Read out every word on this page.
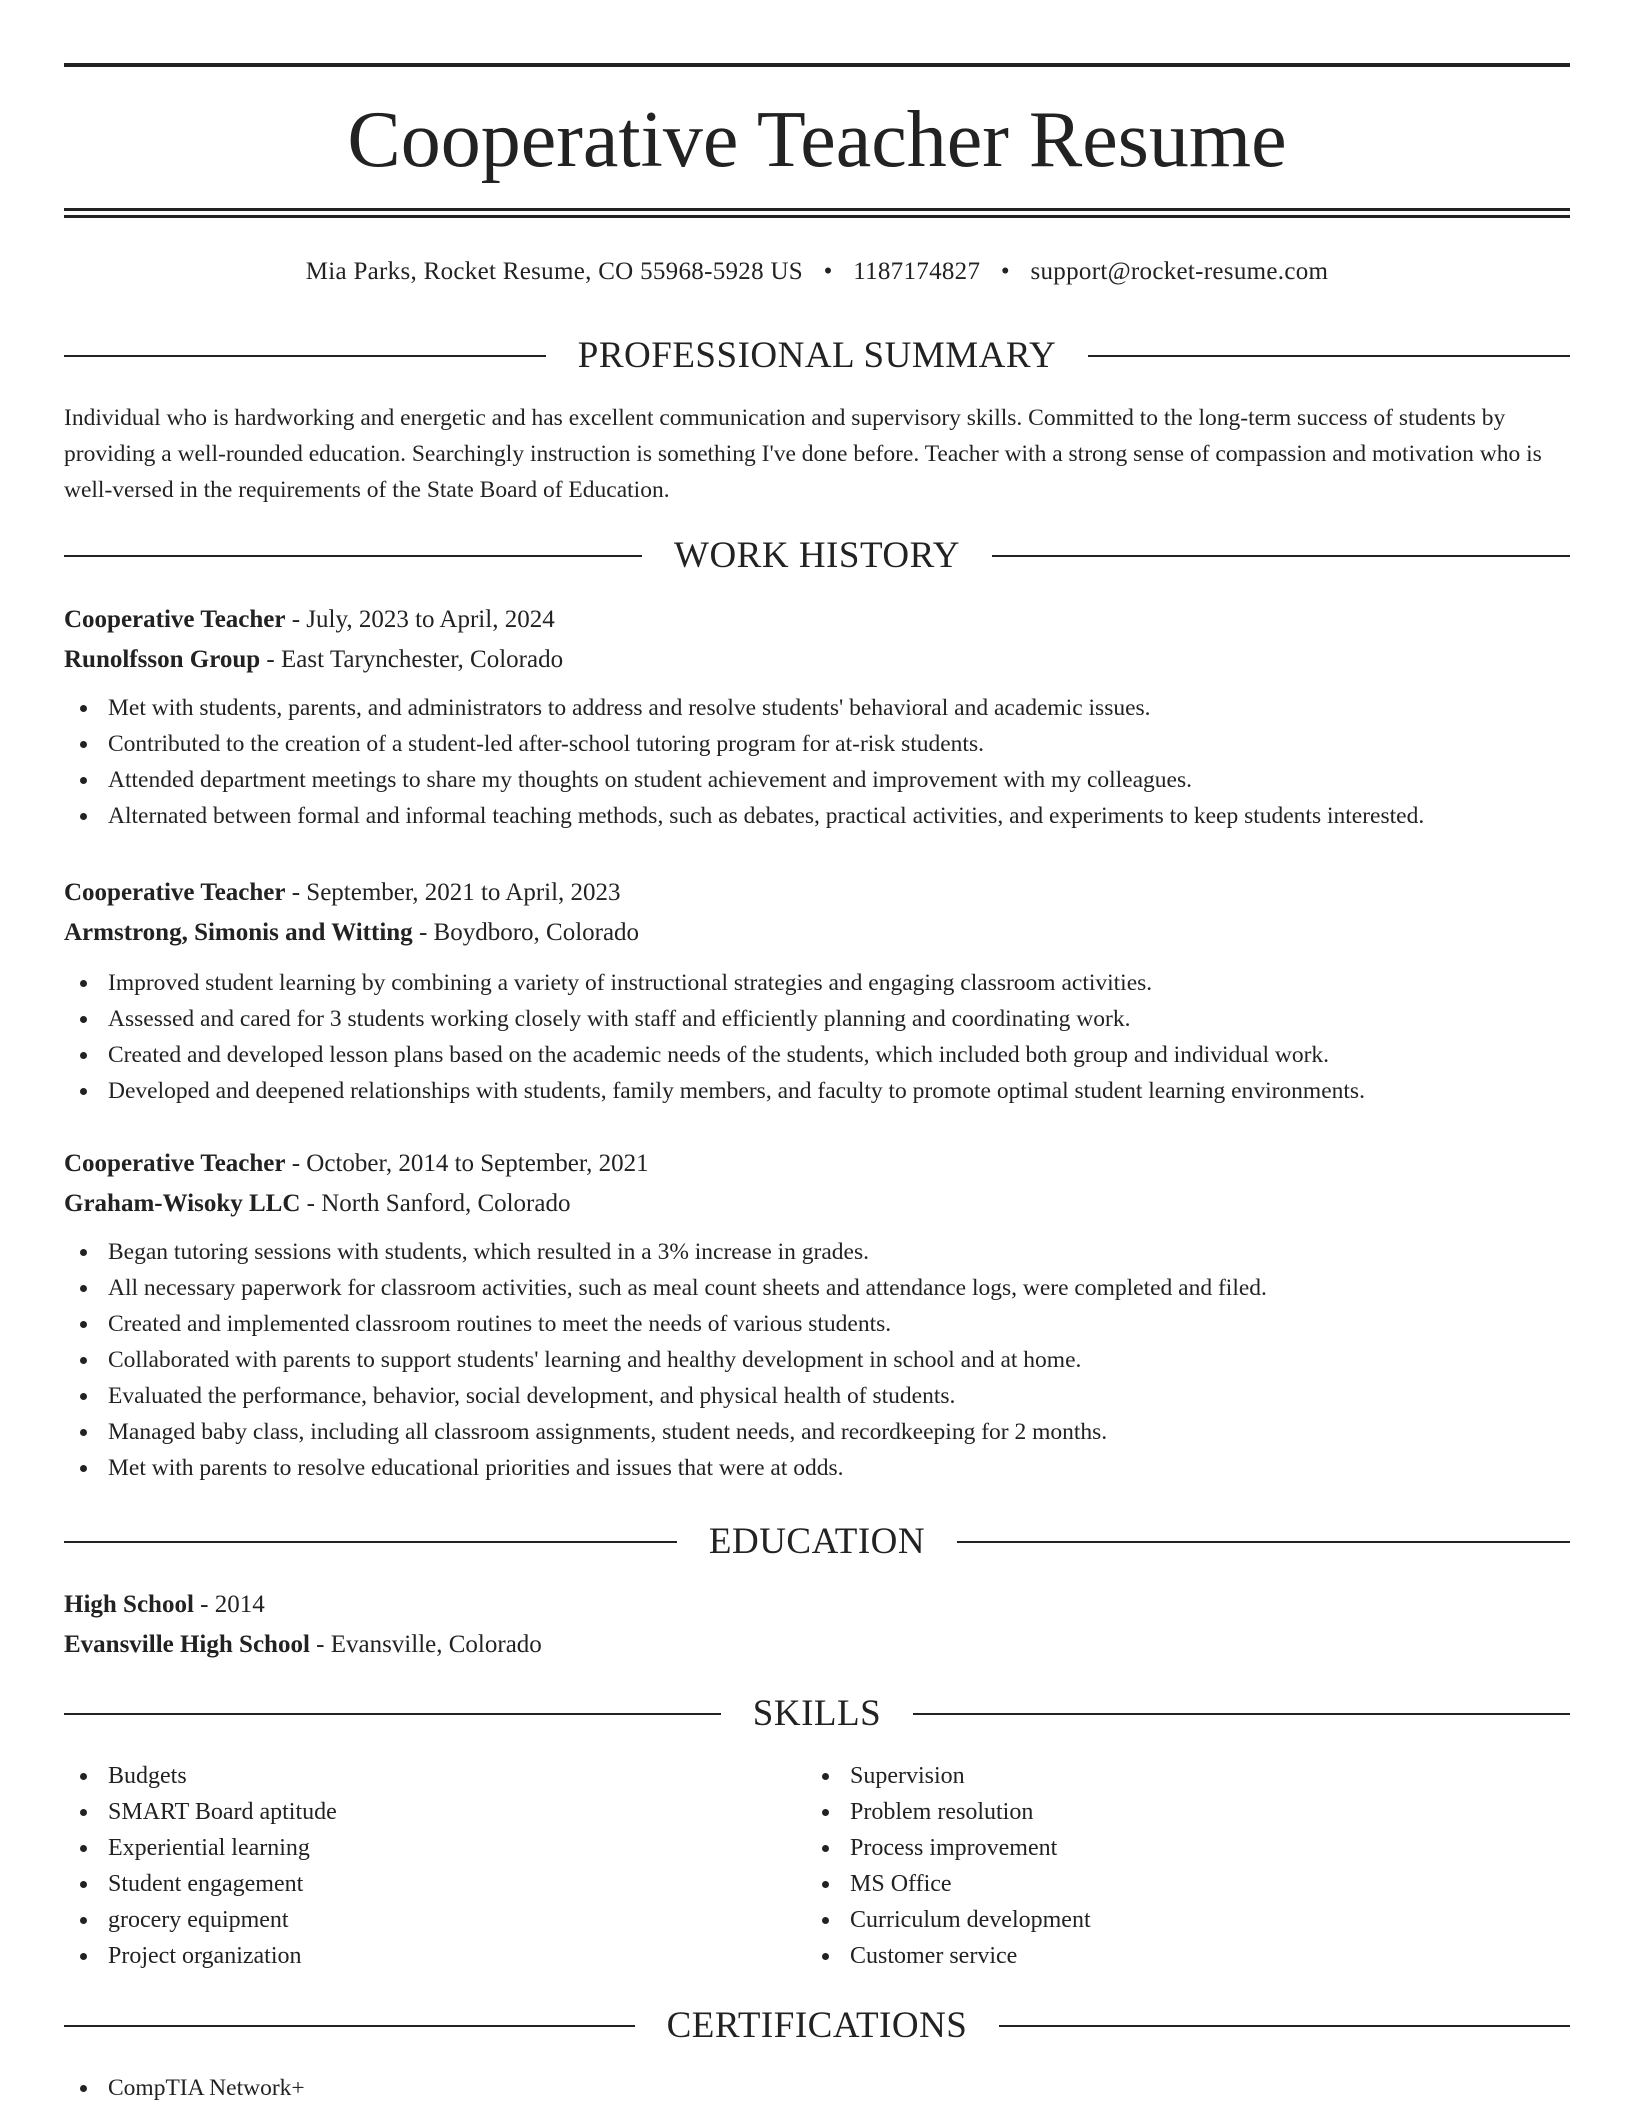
Cooperative Teacher Resume
Mia Parks, Rocket Resume, CO 55968-5928 US • 1187174827 • support@rocket-resume.com
PROFESSIONAL SUMMARY
Individual who is hardworking and energetic and has excellent communication and supervisory skills. Committed to the long-term success of students by providing a well-rounded education. Searchingly instruction is something I've done before. Teacher with a strong sense of compassion and motivation who is well-versed in the requirements of the State Board of Education.
WORK HISTORY
Cooperative Teacher - July, 2023 to April, 2024
Runolfsson Group - East Tarynchester, Colorado
Met with students, parents, and administrators to address and resolve students' behavioral and academic issues.
Contributed to the creation of a student-led after-school tutoring program for at-risk students.
Attended department meetings to share my thoughts on student achievement and improvement with my colleagues.
Alternated between formal and informal teaching methods, such as debates, practical activities, and experiments to keep students interested.
Cooperative Teacher - September, 2021 to April, 2023
Armstrong, Simonis and Witting - Boydboro, Colorado
Improved student learning by combining a variety of instructional strategies and engaging classroom activities.
Assessed and cared for 3 students working closely with staff and efficiently planning and coordinating work.
Created and developed lesson plans based on the academic needs of the students, which included both group and individual work.
Developed and deepened relationships with students, family members, and faculty to promote optimal student learning environments.
Cooperative Teacher - October, 2014 to September, 2021
Graham-Wisoky LLC - North Sanford, Colorado
Began tutoring sessions with students, which resulted in a 3% increase in grades.
All necessary paperwork for classroom activities, such as meal count sheets and attendance logs, were completed and filed.
Created and implemented classroom routines to meet the needs of various students.
Collaborated with parents to support students' learning and healthy development in school and at home.
Evaluated the performance, behavior, social development, and physical health of students.
Managed baby class, including all classroom assignments, student needs, and recordkeeping for 2 months.
Met with parents to resolve educational priorities and issues that were at odds.
EDUCATION
High School - 2014
Evansville High School - Evansville, Colorado
SKILLS
Budgets
SMART Board aptitude
Experiential learning
Student engagement
grocery equipment
Project organization
Supervision
Problem resolution
Process improvement
MS Office
Curriculum development
Customer service
CERTIFICATIONS
CompTIA Network+
